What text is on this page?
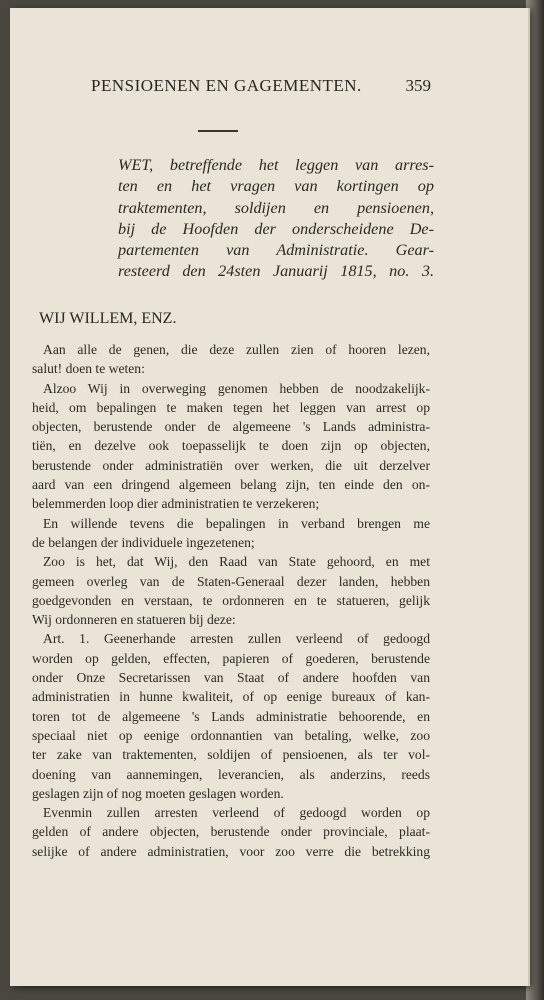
PENSIOENEN EN GAGEMENTEN.	359
WET, betreffende het leggen van arres-
ten en het vragen van kortingen op
traktementen, soldijen en pensioenen,
bij de Hoofden der onderscheidene De-
partementen van Administratie. Gear-
resteerd den 24sten Januarij 1815, no. 3.
WIJ WILLEM, ENZ.
Aan alle de genen, die deze zullen zien of hooren lezen,
salut! doen te weten:
Alzoo Wij in overweging genomen hebben de noodzakelijk-
heid, om bepalingen te maken tegen het leggen van arrest op
objecten, berustende onder de algemeene 's Lands administra-
tiën, en dezelve ook toepasselijk te doen zijn op objecten,
berustende onder administratiën over werken, die uit derzelver
aard van een dringend algemeen belang zijn, ten einde den on-
belemmerden loop dier administratien te verzekeren;
En willende tevens die bepalingen in verband brengen me
de belangen der individuele ingezetenen;
Zoo is het, dat Wij, den Raad van State gehoord, en met
gemeen overleg van de Staten-Generaal dezer landen, hebben
goedgevonden en verstaan, te ordonneren en te statueren, gelijk
Wij ordonneren en statueren bij deze:
Art. 1. Geenerhande arresten zullen verleend of gedoogd
worden op gelden, effecten, papieren of goederen, berustende
onder Onze Secretarissen van Staat of andere hoofden van
administratien in hunne kwaliteit, of op eenige bureaux of kan-
toren tot de algemeene 's Lands administratie behoorende, en
speciaal niet op eenige ordonnantien van betaling, welke, zoo
ter zake van traktementen, soldijen of pensioenen, als ter vol-
doening van aannemingen, leverancien, als anderzins, reeds
geslagen zijn of nog moeten geslagen worden.
Evenmin zullen arresten verleend of gedoogd worden op
gelden of andere objecten, berustende onder provinciale, plaat-
selijke of andere administratien, voor zoo verre die betrekking
